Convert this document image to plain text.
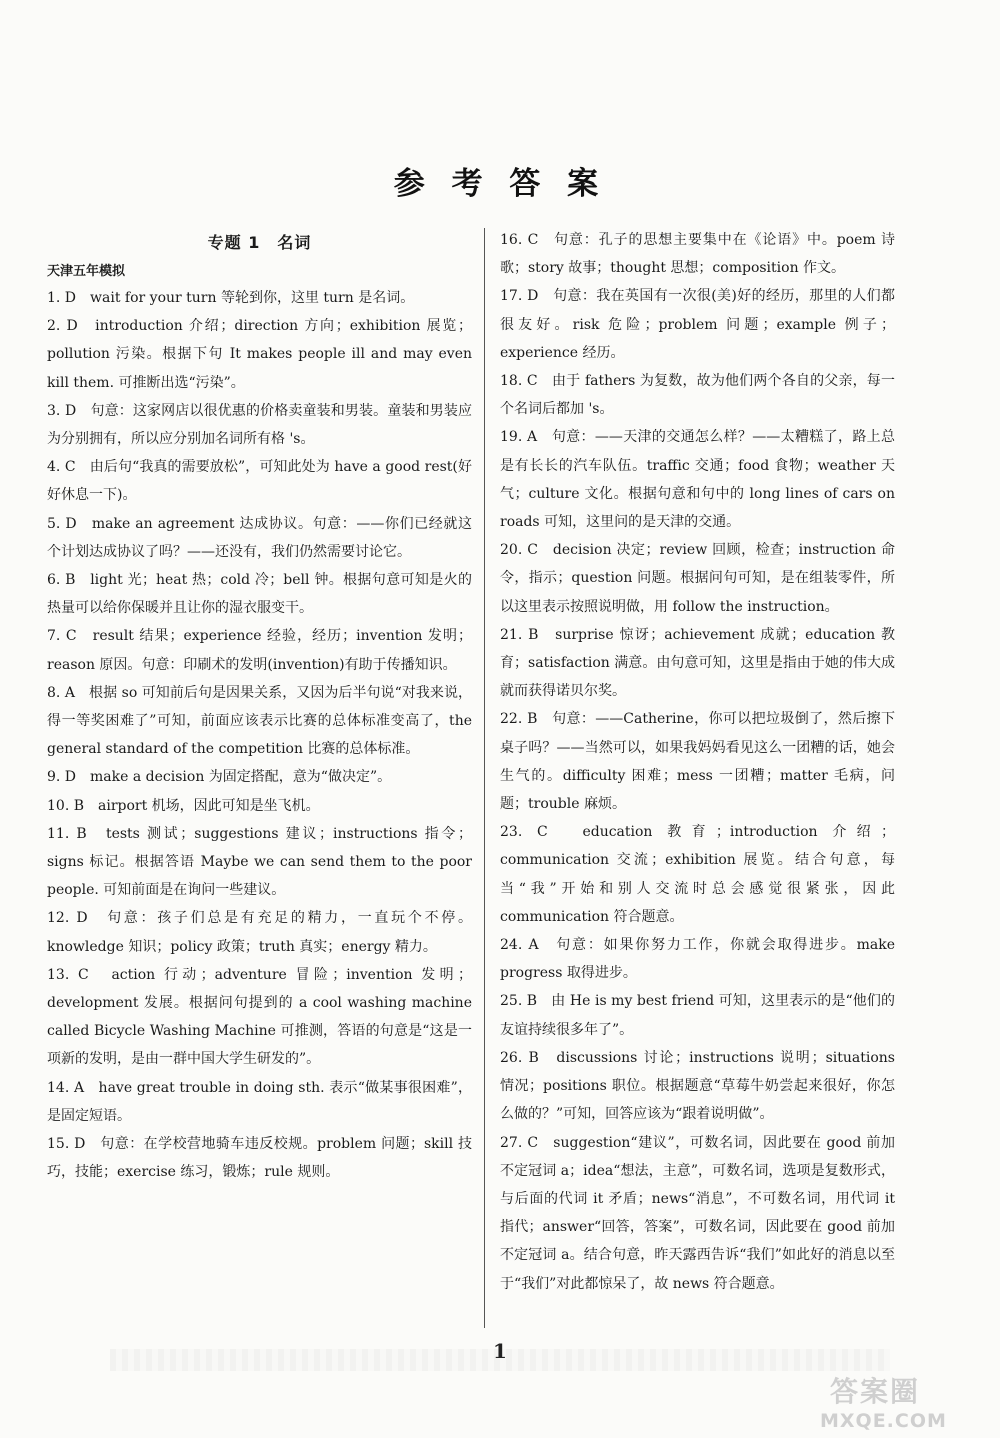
参 考 答 案
专题 1　名词
天津五年模拟

1. D　wait for your turn 等轮到你，这里 turn 是名词。

2. D　introduction 介绍；direction 方向；exhibition 展览；pollution 污染。根据下句 It makes people ill and may even kill them. 可推断出选“污染”。

3. D　句意：这家网店以很优惠的价格卖童装和男装。童装和男装应为分别拥有，所以应分别加名词所有格 's。

4. C　由后句“我真的需要放松”，可知此处为 have a good rest(好好休息一下)。

5. D　make an agreement 达成协议。句意：——你们已经就这个计划达成协议了吗？——还没有，我们仍然需要讨论它。

6. B　light 光；heat 热；cold 冷；bell 钟。根据句意可知是火的热量可以给你保暖并且让你的湿衣服变干。

7. C　result 结果；experience 经验，经历；invention 发明；reason 原因。句意：印刷术的发明(invention)有助于传播知识。

8. A　根据 so 可知前后句是因果关系，又因为后半句说“对我来说，得一等奖困难了”可知，前面应该表示比赛的总体标准变高了，the general standard of the competition 比赛的总体标准。

9. D　make a decision 为固定搭配，意为“做决定”。

10. B　airport 机场，因此可知是坐飞机。

11. B　tests 测试；suggestions 建议；instructions 指令；signs 标记。根据答语 Maybe we can send them to the poor people. 可知前面是在询问一些建议。

12. D　句意：孩子们总是有充足的精力，一直玩个不停。knowledge 知识；policy 政策；truth 真实；energy 精力。

13. C　action 行动；adventure 冒险；invention 发明；development 发展。根据问句提到的 a cool washing machine called Bicycle Washing Machine 可推测，答语的句意是“这是一项新的发明，是由一群中国大学生研发的”。

14. A　have great trouble in doing sth. 表示“做某事很困难”，是固定短语。

15. D　句意：在学校营地骑车违反校规。problem 问题；skill 技巧，技能；exercise 练习，锻炼；rule 规则。

16. C　句意：孔子的思想主要集中在《论语》中。poem 诗歌；story 故事；thought 思想；composition 作文。

17. D　句意：我在英国有一次很(美)好的经历，那里的人们都很友好。risk 危险；problem 问题；example 例子；experience 经历。

18. C　由于 fathers 为复数，故为他们两个各自的父亲，每一个名词后都加 's。

19. A　句意：——天津的交通怎么样？——太糟糕了，路上总是有长长的汽车队伍。traffic 交通；food 食物；weather 天气；culture 文化。根据句意和句中的 long lines of cars on roads 可知，这里问的是天津的交通。

20. C　decision 决定；review 回顾，检查；instruction 命令，指示；question 问题。根据问句可知，是在组装零件，所以这里表示按照说明做，用 follow the instruction。

21. B　surprise 惊讶；achievement 成就；education 教育；satisfaction 满意。由句意可知，这里是指由于她的伟大成就而获得诺贝尔奖。

22. B　句意：——Catherine，你可以把垃圾倒了，然后擦下桌子吗？——当然可以，如果我妈妈看见这么一团糟的话，她会生气的。difficulty 困难；mess 一团糟；matter 毛病，问题；trouble 麻烦。

23. C　education 教育；introduction 介绍；communication 交流；exhibition 展览。结合句意，每当“我”开始和别人交流时总会感觉很紧张，因此 communication 符合题意。

24. A　句意：如果你努力工作，你就会取得进步。make progress 取得进步。

25. B　由 He is my best friend 可知，这里表示的是“他们的友谊持续很多年了”。

26. B　discussions 讨论；instructions 说明；situations 情况；positions 职位。根据题意“草莓牛奶尝起来很好，你怎么做的？”可知，回答应该为“跟着说明做”。

27. C　suggestion“建议”，可数名词，因此要在 good 前加不定冠词 a；idea“想法，主意”，可数名词，选项是复数形式，与后面的代词 it 矛盾；news“消息”，不可数名词，用代词 it 指代；answer“回答，答案”，可数名词，因此要在 good 前加不定冠词 a。结合句意，昨天露西告诉“我们”如此好的消息以至于“我们”对此都惊呆了，故 news 符合题意。

1
答案圈
MXQE.COM
